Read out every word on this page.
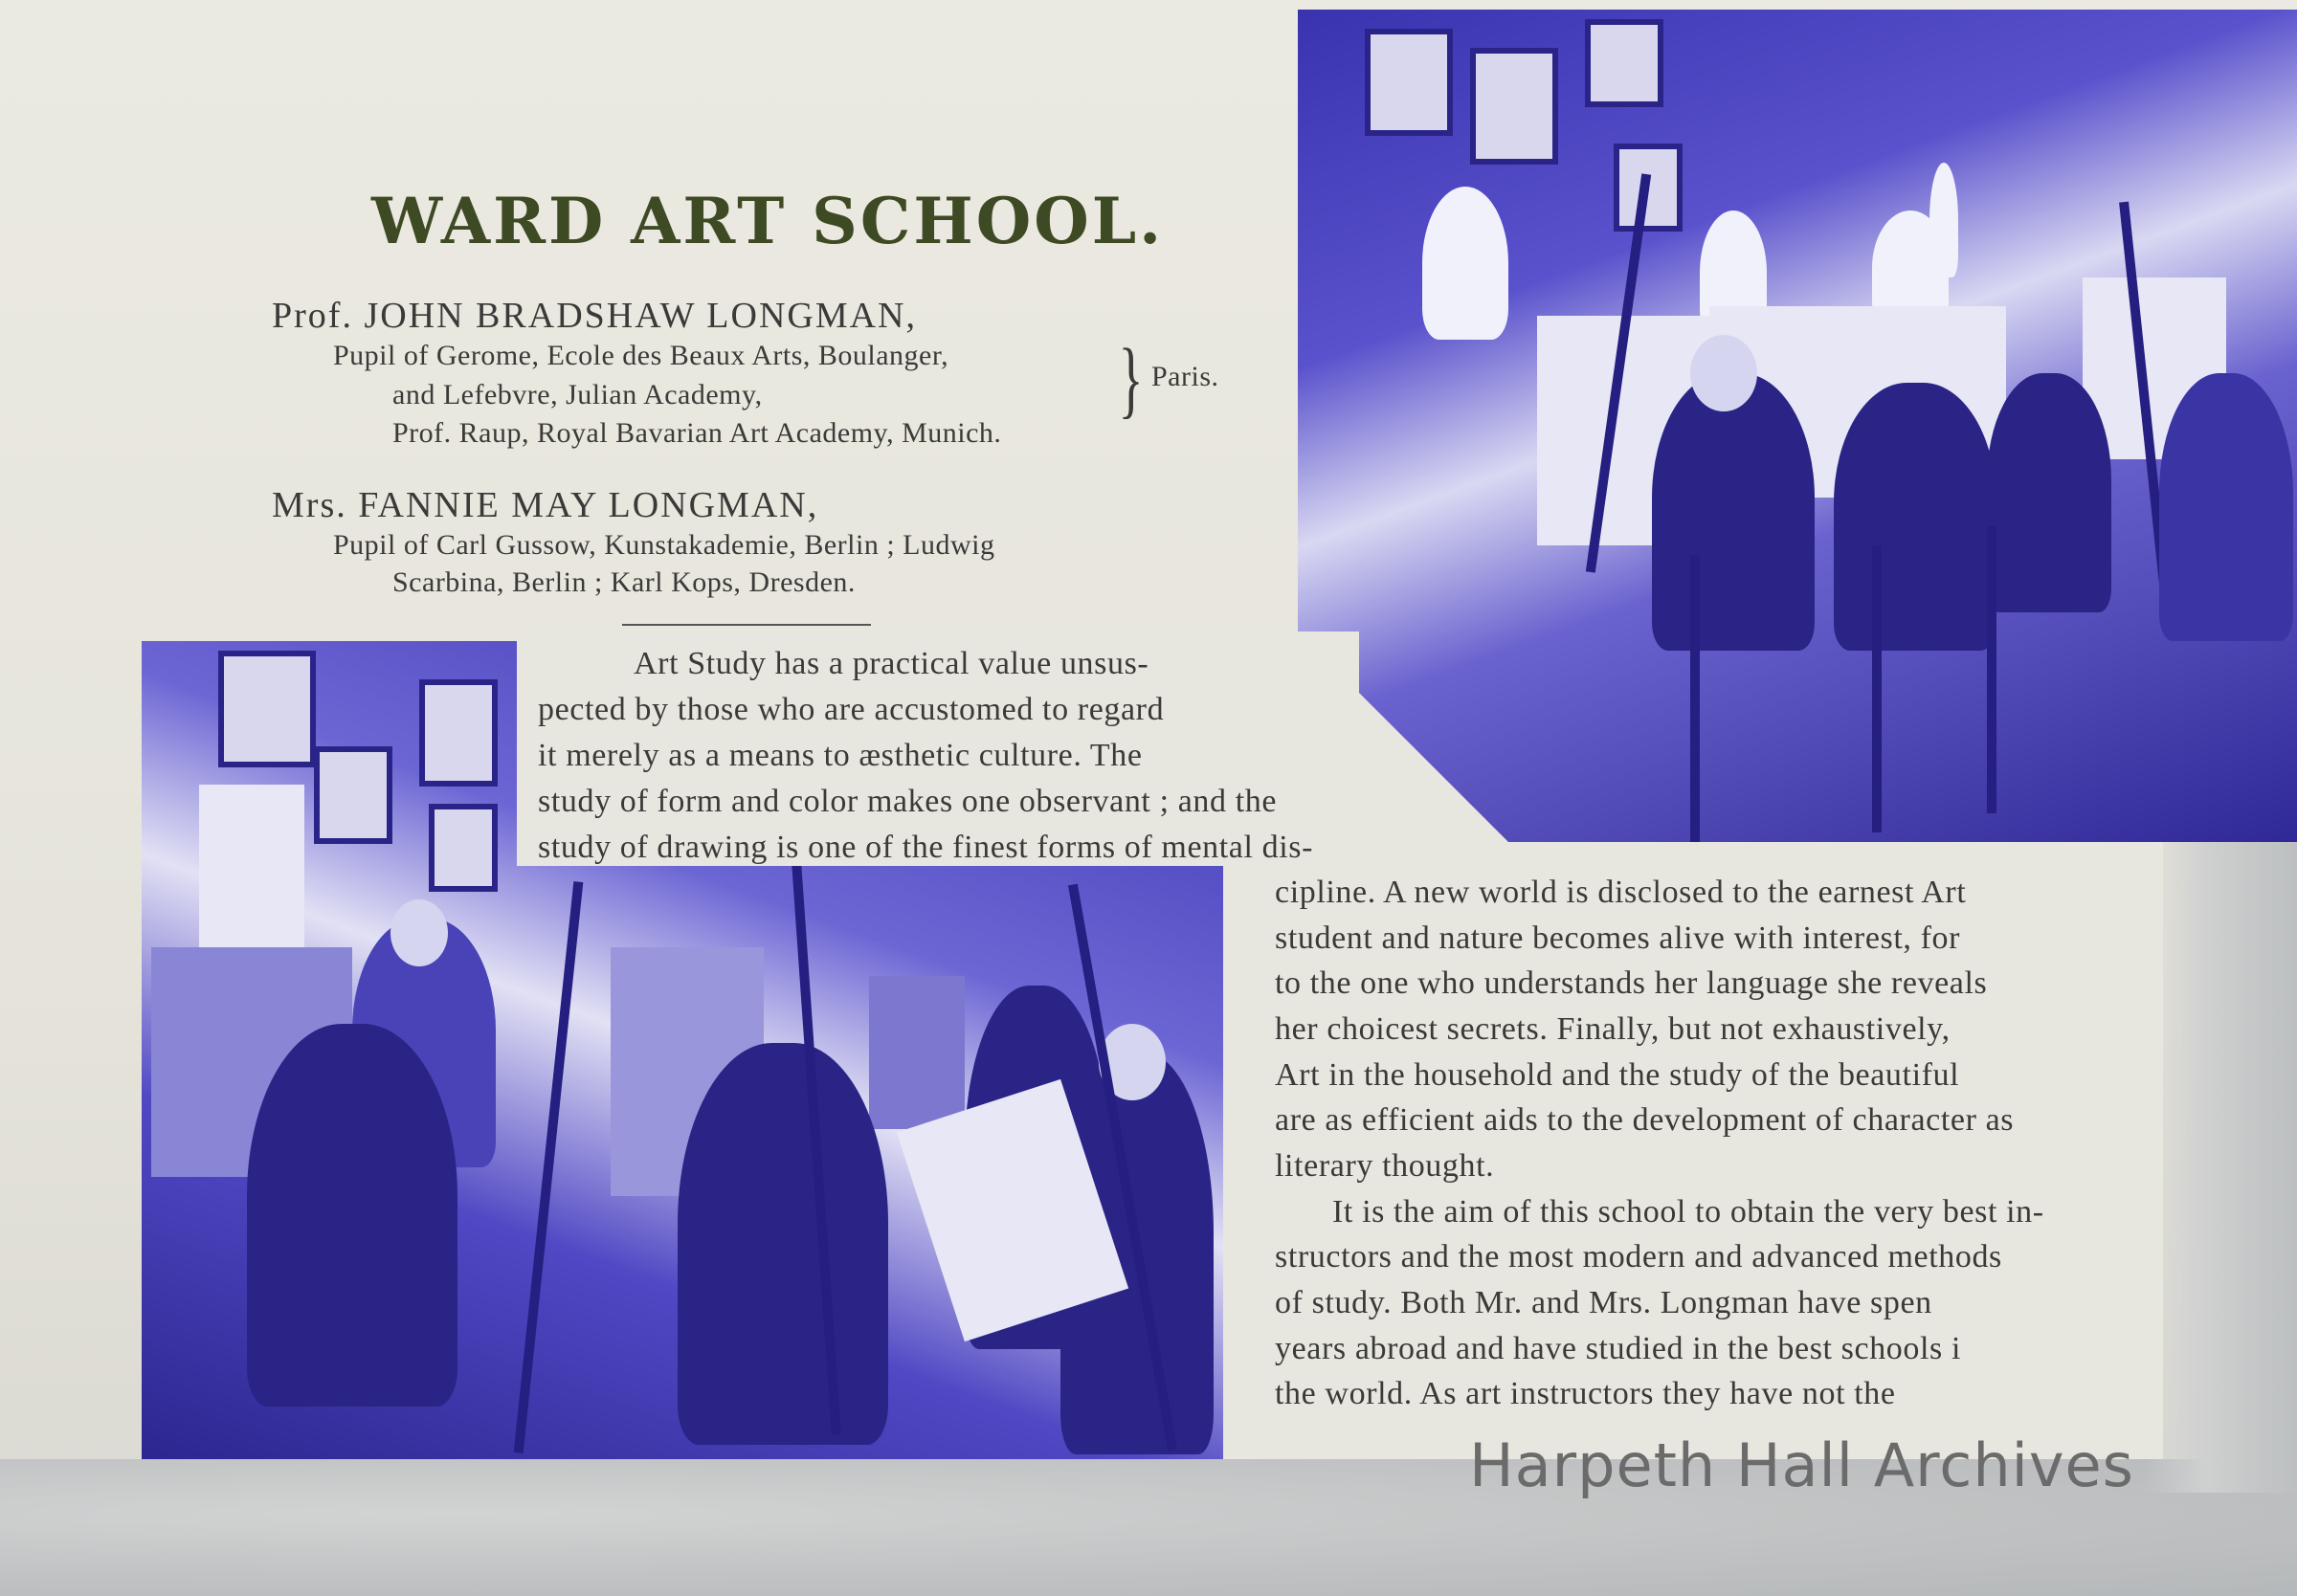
WARD ART SCHOOL.
Prof. JOHN BRADSHAW LONGMAN,
Pupil of Gerome, Ecole des Beaux Arts, Boulanger,
and Lefebvre, Julian Academy,
Prof. Raup, Royal Bavarian Art Academy, Munich.
} Paris.
Mrs. FANNIE MAY LONGMAN,
Pupil of Carl Gussow, Kunstakademie, Berlin ; Ludwig
Scarbina, Berlin ; Karl Kops, Dresden.
Art Study has a practical value unsus-
pected by those who are accustomed to regard
it merely as a means to æsthetic culture. The
study of form and color makes one observant ; and the
study of drawing is one of the finest forms of mental dis-
cipline. A new world is disclosed to the earnest Art
student and nature becomes alive with interest, for
to the one who understands her language she reveals
her choicest secrets. Finally, but not exhaustively,
Art in the household and the study of the beautiful
are as efficient aids to the development of character as
literary thought.
It is the aim of this school to obtain the very best in-
structors and the most modern and advanced methods
of study. Both Mr. and Mrs. Longman have spen
years abroad and have studied in the best schools i
the world. As art instructors they have not the
Harpeth Hall Archives
